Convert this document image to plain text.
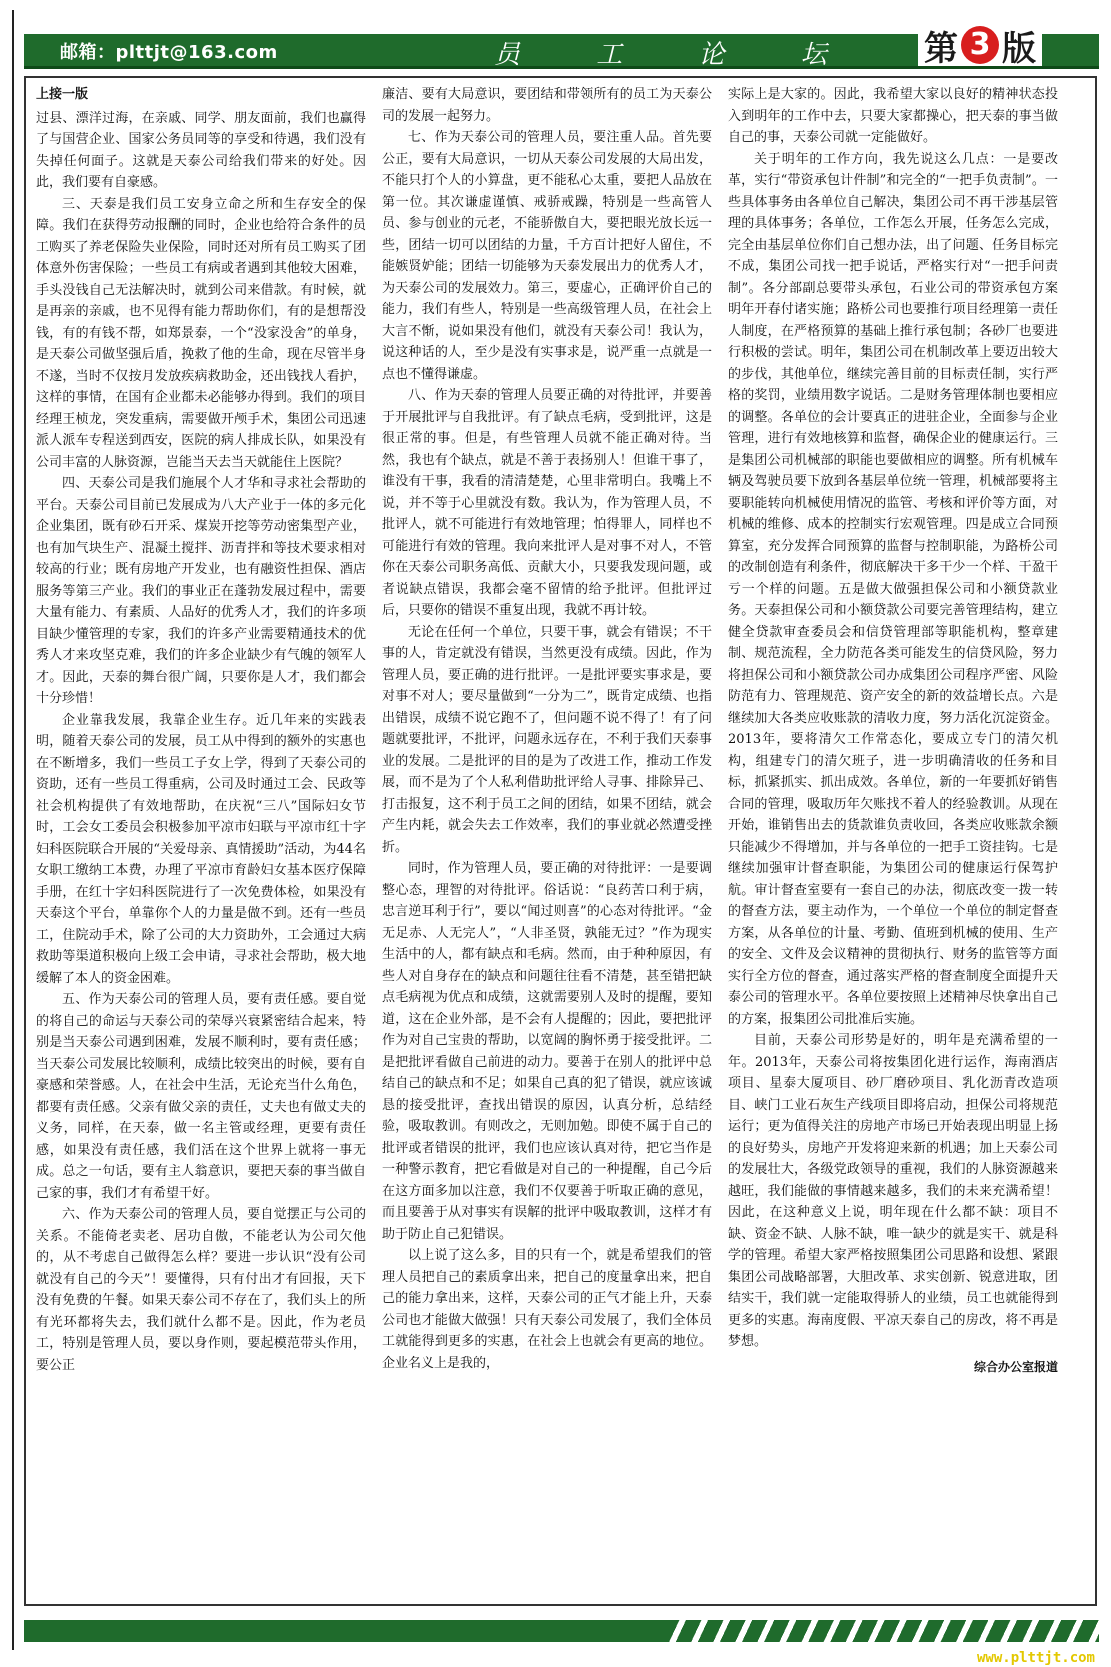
邮箱：plttjt@163.com	员 工 论 坛 第 3 版
上接一版

过县、漂洋过海，在亲戚、同学、朋友面前，我们也赢得了与国营企业、国家公务员同等的享受和待遇，我们没有失掉任何面子。这就是天泰公司给我们带来的好处。因此，我们要有自豪感。

三、天泰是我们员工安身立命之所和生存安全的保障。我们在获得劳动报酬的同时，企业也给符合条件的员工购买了养老保险失业保险，同时还对所有员工购买了团体意外伤害保险；一些员工有病或者遇到其他较大困难，手头没钱自己无法解决时，就到公司来借款。有时候，就是再亲的亲戚，也不见得有能力帮助你们，有的是想帮没钱，有的有钱不帮，如郑景泰，一个“没家没舍”的单身，是天泰公司做坚强后盾，挽救了他的生命，现在尽管半身不遂，当时不仅按月发放疾病救助金，还出钱找人看护，这样的事情，在国有企业都未必能够办得到。我们的项目经理王桢龙，突发重病，需要做开颅手术，集团公司迅速派人派车专程送到西安，医院的病人排成长队，如果没有公司丰富的人脉资源，岂能当天去当天就能住上医院？

四、天泰公司是我们施展个人才华和寻求社会帮助的平台。天泰公司目前已发展成为八大产业于一体的多元化企业集团，既有砂石开采、煤炭开挖等劳动密集型产业，也有加气块生产、混凝土搅拌、沥青拌和等技术要求相对较高的行业；既有房地产开发业，也有融资性担保、酒店服务等第三产业。我们的事业正在蓬勃发展过程中，需要大量有能力、有素质、人品好的优秀人才，我们的许多项目缺少懂管理的专家，我们的许多产业需要精通技术的优秀人才来攻坚克难，我们的许多企业缺少有气魄的领军人才。因此，天泰的舞台很广阔，只要你是人才，我们都会十分珍惜！

企业靠我发展，我靠企业生存。近几年来的实践表明，随着天泰公司的发展，员工从中得到的额外的实惠也在不断增多，我们一些员工子女上学，得到了天泰公司的资助，还有一些员工得重病，公司及时通过工会、民政等社会机构提供了有效地帮助，在庆祝“三八”国际妇女节时，工会女工委员会积极参加平凉市妇联与平凉市红十字妇科医院联合开展的“关爱母亲、真情援助”活动，为44名女职工缴纳工本费，办理了平凉市育龄妇女基本医疗保障手册，在红十字妇科医院进行了一次免费体检，如果没有天泰这个平台，单靠你个人的力量是做不到。还有一些员工，住院动手术，除了公司的大力资助外，工会通过大病救助等渠道积极向上级工会申请，寻求社会帮助，极大地缓解了本人的资金困难。

五、作为天泰公司的管理人员，要有责任感。要自觉的将自己的命运与天泰公司的荣辱兴衰紧密结合起来，特别是当天泰公司遇到困难，发展不顺利时，要有责任感；当天泰公司发展比较顺利，成绩比较突出的时候，要有自豪感和荣誉感。人，在社会中生活，无论充当什么角色，都要有责任感。父亲有做父亲的责任，丈夫也有做丈夫的义务，同样，在天泰，做一名主管或经理，更要有责任感，如果没有责任感，我们活在这个世界上就将一事无成。总之一句话，要有主人翁意识，要把天泰的事当做自己家的事，我们才有希望干好。

六、作为天泰公司的管理人员，要自觉摆正与公司的关系。不能倚老卖老、居功自傲，不能老认为公司欠他的，从不考虑自己做得怎么样？要进一步认识“没有公司就没有自己的今天”！要懂得，只有付出才有回报，天下没有免费的午餐。如果天泰公司不存在了，我们头上的所有光环都将失去，我们就什么都不是。因此，作为老员工，特别是管理人员，要以身作则，要起模范带头作用，要公正

廉洁、要有大局意识，要团结和带领所有的员工为天泰公司的发展一起努力。

七、作为天泰公司的管理人员，要注重人品。首先要公正，要有大局意识，一切从天泰公司发展的大局出发，不能只打个人的小算盘，更不能私心太重，要把人品放在第一位。其次谦虚谨慎、戒骄戒躁，特别是一些高管人员、参与创业的元老，不能骄傲自大，要把眼光放长远一些，团结一切可以团结的力量，千方百计把好人留住，不能嫉贤妒能；团结一切能够为天泰发展出力的优秀人才，为天泰公司的发展效力。第三，要虚心，正确评价自己的能力，我们有些人，特别是一些高级管理人员，在社会上大言不惭，说如果没有他们，就没有天泰公司！我认为，说这种话的人，至少是没有实事求是，说严重一点就是一点也不懂得谦虚。

八、作为天泰的管理人员要正确的对待批评，并要善于开展批评与自我批评。有了缺点毛病，受到批评，这是很正常的事。但是，有些管理人员就不能正确对待。当然，我也有个缺点，就是不善于表扬别人！但谁干事了，谁没有干事，我看的清清楚楚，心里非常明白。我嘴上不说，并不等于心里就没有数。我认为，作为管理人员，不批评人，就不可能进行有效地管理；怕得罪人，同样也不可能进行有效的管理。我向来批评人是对事不对人，不管你在天泰公司职务高低、贡献大小，只要我发现问题，或者说缺点错误，我都会毫不留情的给予批评。但批评过后，只要你的错误不重复出现，我就不再计较。

无论在任何一个单位，只要干事，就会有错误；不干事的人，肯定就没有错误，当然更没有成绩。因此，作为管理人员，要正确的进行批评。一是批评要实事求是，要对事不对人；要尽量做到“一分为二”，既肯定成绩、也指出错误，成绩不说它跑不了，但问题不说不得了！有了问题就要批评，不批评，问题永远存在，不利于我们天泰事业的发展。二是批评的目的是为了改进工作，推动工作发展，而不是为了个人私利借助批评给人寻事、排除异己、打击报复，这不利于员工之间的团结，如果不团结，就会产生内耗，就会失去工作效率，我们的事业就必然遭受挫折。

同时，作为管理人员，要正确的对待批评：一是要调整心态，理智的对待批评。俗话说：“良药苦口利于病，忠言逆耳利于行”，要以“闻过则喜”的心态对待批评。“金无足赤、人无完人”，“人非圣贤，孰能无过？”作为现实生活中的人，都有缺点和毛病。然而，由于种种原因，有些人对自身存在的缺点和问题往往看不清楚，甚至错把缺点毛病视为优点和成绩，这就需要别人及时的提醒，要知道，这在企业外部，是不会有人提醒的；因此，要把批评作为对自己宝贵的帮助，以宽阔的胸怀勇于接受批评。二是把批评看做自己前进的动力。要善于在别人的批评中总结自己的缺点和不足；如果自己真的犯了错误，就应该诚恳的接受批评，查找出错误的原因，认真分析，总结经验，吸取教训。有则改之，无则加勉。即使不属于自己的批评或者错误的批评，我们也应该认真对待，把它当作是一种警示教育，把它看做是对自己的一种提醒，自己今后在这方面多加以注意，我们不仅要善于听取正确的意见，而且要善于从对事实有误解的批评中吸取教训，这样才有助于防止自己犯错误。

以上说了这么多，目的只有一个，就是希望我们的管理人员把自己的素质拿出来，把自己的度量拿出来，把自己的能力拿出来，这样，天泰公司的正气才能上升，天泰公司也才能做大做强！只有天泰公司发展了，我们全体员工就能得到更多的实惠，在社会上也就会有更高的地位。企业名义上是我的，

实际上是大家的。因此，我希望大家以良好的精神状态投入到明年的工作中去，只要大家都操心，把天泰的事当做自己的事，天泰公司就一定能做好。

关于明年的工作方向，我先说这么几点：一是要改革，实行“带资承包计件制”和完全的“一把手负责制”。一些具体事务由各单位自己解决，集团公司不再干涉基层管理的具体事务；各单位，工作怎么开展，任务怎么完成，完全由基层单位你们自己想办法，出了问题、任务目标完不成，集团公司找一把手说话，严格实行对“一把手问责制”。各分部副总要带头承包，石业公司的带资承包方案明年开春付诸实施；路桥公司也要推行项目经理第一责任人制度，在严格预算的基础上推行承包制；各砂厂也要进行积极的尝试。明年，集团公司在机制改革上要迈出较大的步伐，其他单位，继续完善目前的目标责任制，实行严格的奖罚，业绩用数字说话。二是财务管理体制也要相应的调整。各单位的会计要真正的进驻企业，全面参与企业管理，进行有效地核算和监督，确保企业的健康运行。三是集团公司机械部的职能也要做相应的调整。所有机械车辆及驾驶员要下放到各基层单位统一管理，机械部要将主要职能转向机械使用情况的监管、考核和评价等方面，对机械的维修、成本的控制实行宏观管理。四是成立合同预算室，充分发挥合同预算的监督与控制职能，为路桥公司的改制创造有利条件，彻底解决干多干少一个样、干盈干亏一个样的问题。五是做大做强担保公司和小额贷款业务。天泰担保公司和小额贷款公司要完善管理结构，建立健全贷款审查委员会和信贷管理部等职能机构，整章建制、规范流程，全力防范各类可能发生的信贷风险，努力将担保公司和小额贷款公司办成集团公司程序严密、风险防范有力、管理规范、资产安全的新的效益增长点。六是继续加大各类应收账款的清收力度，努力活化沉淀资金。2013年，要将清欠工作常态化，要成立专门的清欠机构，组建专门的清欠班子，进一步明确清收的任务和目标，抓紧抓实、抓出成效。各单位，新的一年要抓好销售合同的管理，吸取历年欠账找不着人的经验教训。从现在开始，谁销售出去的货款谁负责收回，各类应收账款余额只能减少不得增加，并与各单位的一把手工资挂钩。七是继续加强审计督查职能，为集团公司的健康运行保驾护航。审计督查室要有一套自己的办法，彻底改变一拨一转的督查方法，要主动作为，一个单位一个单位的制定督查方案，从各单位的计量、考勤、值班到机械的使用、生产的安全、文件及会议精神的贯彻执行、财务的监管等方面实行全方位的督查，通过落实严格的督查制度全面提升天泰公司的管理水平。各单位要按照上述精神尽快拿出自己的方案，报集团公司批准后实施。

目前，天泰公司形势是好的，明年是充满希望的一年。2013年，天泰公司将按集团化进行运作，海南酒店项目、星泰大厦项目、砂厂磨砂项目、乳化沥青改造项目、峡门工业石灰生产线项目即将启动，担保公司将规范运行；更为值得关注的房地产市场已开始表现出明显上扬的良好势头，房地产开发将迎来新的机遇；加上天泰公司的发展壮大，各级党政领导的重视，我们的人脉资源越来越旺，我们能做的事情越来越多，我们的未来充满希望！因此，在这种意义上说，明年现在什么都不缺：项目不缺、资金不缺、人脉不缺，唯一缺少的就是实干、就是科学的管理。希望大家严格按照集团公司思路和设想、紧跟集团公司战略部署，大胆改革、求实创新、锐意进取，团结实干，我们就一定能取得骄人的业绩，员工也就能得到更多的实惠。海南度假、平凉天泰自己的房改，将不再是梦想。

综合办公室报道
www.plttjt.com
